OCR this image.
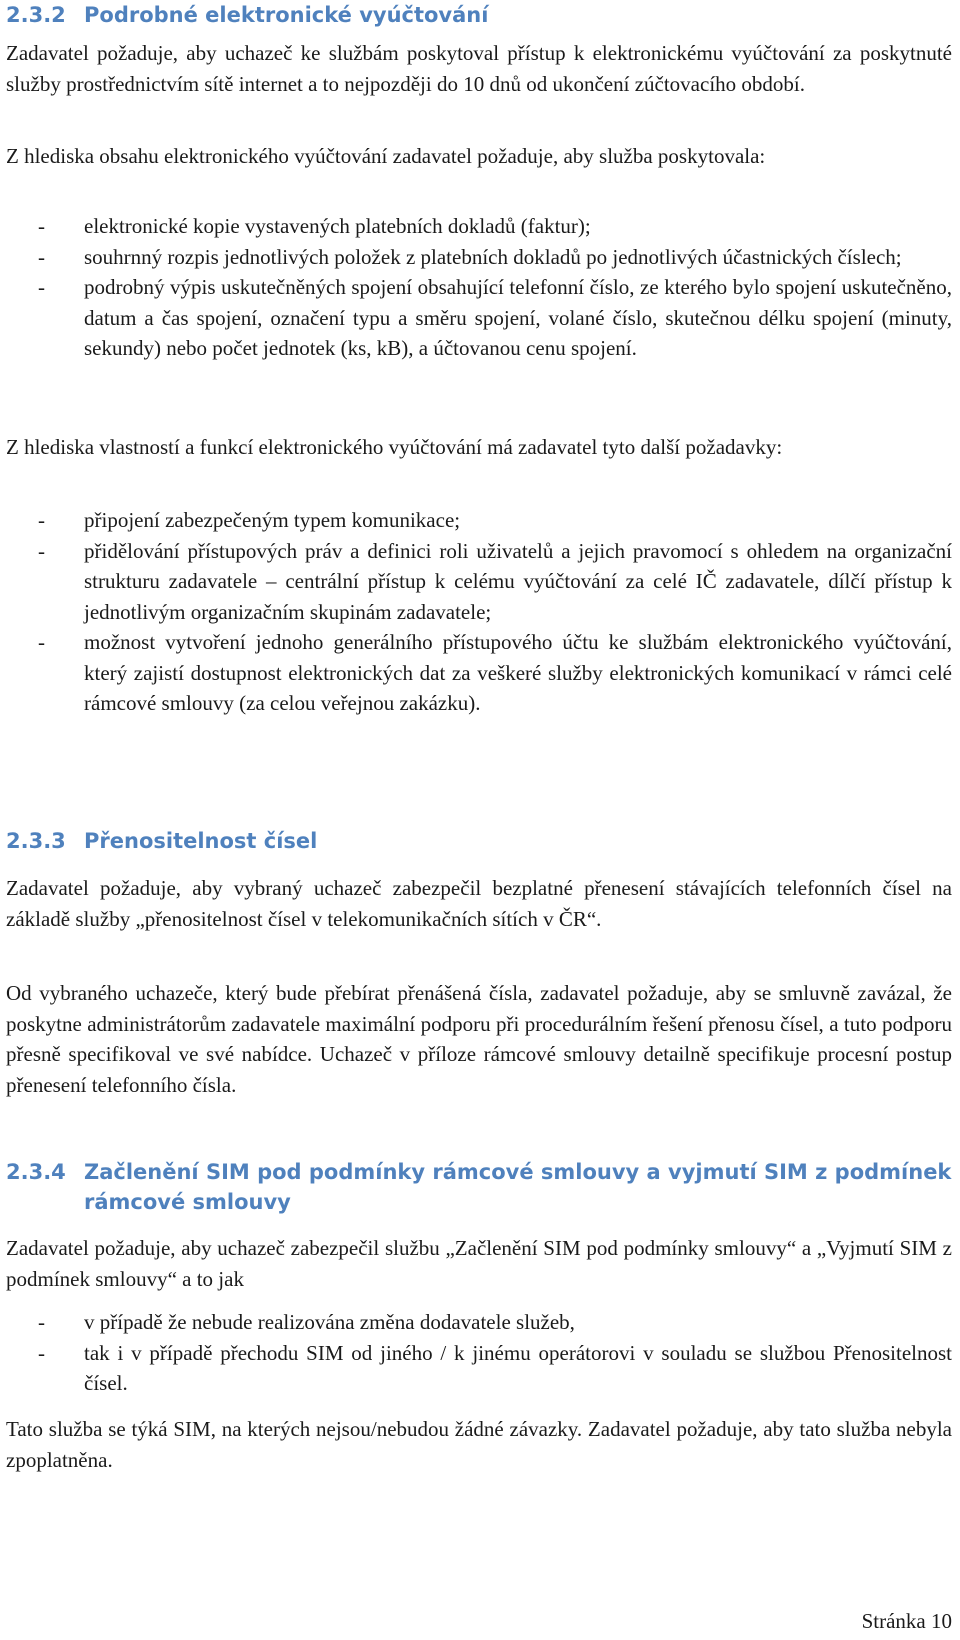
2.3.2 Podrobné elektronické vyúčtování

Zadavatel požaduje, aby uchazeč ke službám poskytoval přístup k elektronickému vyúčtování za poskytnuté služby prostřednictvím sítě internet a to nejpozději do 10 dnů od ukončení zúčtovacího období.

Z hlediska obsahu elektronického vyúčtování zadavatel požaduje, aby služba poskytovala:

- elektronické kopie vystavených platebních dokladů (faktur);
- souhrnný rozpis jednotlivých položek z platebních dokladů po jednotlivých účastnických číslech;
- podrobný výpis uskutečněných spojení obsahující telefonní číslo, ze kterého bylo spojení uskutečněno, datum a čas spojení, označení typu a směru spojení, volané číslo, skutečnou délku spojení (minuty, sekundy) nebo počet jednotek (ks, kB), a účtovanou cenu spojení.

Z hlediska vlastností a funkcí elektronického vyúčtování má zadavatel tyto další požadavky:

- připojení zabezpečeným typem komunikace;
- přidělování přístupových práv a definici roli uživatelů a jejich pravomocí s ohledem na organizační strukturu zadavatele – centrální přístup k celému vyúčtování za celé IČ zadavatele, dílčí přístup k jednotlivým organizačním skupinám zadavatele;
- možnost vytvoření jednoho generálního přístupového účtu ke službám elektronického vyúčtování, který zajistí dostupnost elektronických dat za veškeré služby elektronických komunikací v rámci celé rámcové smlouvy (za celou veřejnou zakázku).
2.3.3 Přenositelnost čísel

Zadavatel požaduje, aby vybraný uchazeč zabezpečil bezplatné přenesení stávajících telefonních čísel na základě služby „přenositelnost čísel v telekomunikačních sítích v ČR“.

Od vybraného uchazeče, který bude přebírat přenášená čísla, zadavatel požaduje, aby se smluvně zavázal, že poskytne administrátorům zadavatele maximální podporu při procedurálním řešení přenosu čísel, a tuto podporu přesně specifikoval ve své nabídce. Uchazeč v příloze rámcové smlouvy detailně specifikuje procesní postup přenesení telefonního čísla.

2.3.4 Začlenění SIM pod podmínky rámcové smlouvy a vyjmutí SIM z podmínek rámcové smlouvy

Zadavatel požaduje, aby uchazeč zabezpečil službu „Začlenění SIM pod podmínky smlouvy“ a „Vyjmutí SIM z podmínek smlouvy“ a to jak

- v případě že nebude realizována změna dodavatele služeb,
- tak i v případě přechodu SIM od jiného / k jinému operátorovi v souladu se službou Přenositelnost čísel.

Tato služba se týká SIM, na kterých nejsou/nebudou žádné závazky. Zadavatel požaduje, aby tato služba nebyla zpoplatněna.

Stránka 10
